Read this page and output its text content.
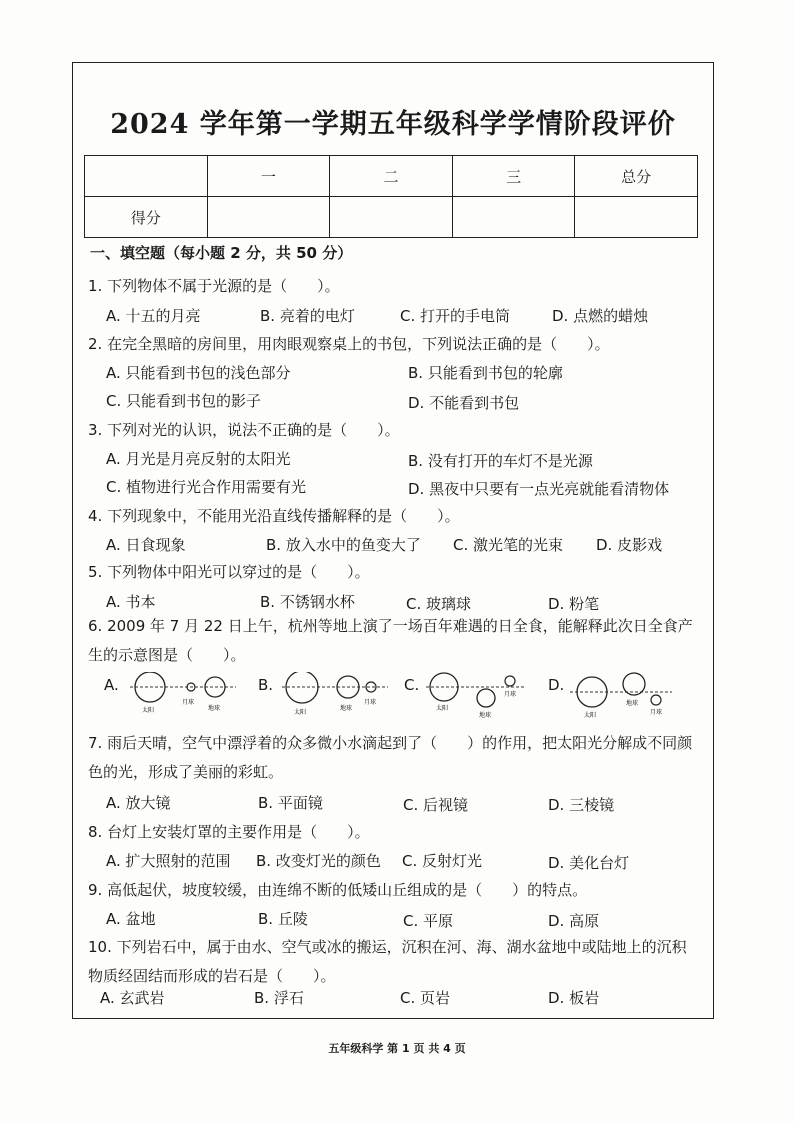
2024 学年第一学期五年级科学学情阶段评价
	一	二	三	总分
得分				
一、填空题（每小题 2 分，共 50 分）
1. 下列物体不属于光源的是（　　）。
A. 十五的月亮	B. 亮着的电灯	C. 打开的手电筒	D. 点燃的蜡烛
2. 在完全黑暗的房间里，用肉眼观察桌上的书包，下列说法正确的是（　　）。
A. 只能看到书包的浅色部分	B. 只能看到书包的轮廓
C. 只能看到书包的影子	D. 不能看到书包
3. 下列对光的认识，说法不正确的是（　　）。
A. 月光是月亮反射的太阳光	B. 没有打开的车灯不是光源
C. 植物进行光合作用需要有光	D. 黑夜中只要有一点光亮就能看清物体
4. 下列现象中，不能用光沿直线传播解释的是（　　）。
A. 日食现象	B. 放入水中的鱼变大了 C. 激光笔的光束 D. 皮影戏
5. 下列物体中阳光可以穿过的是（　　）。
A. 书本	B. 不锈钢水杯	C. 玻璃球	D. 粉笔
6. 2009 年 7 月 22 日上午，杭州等地上演了一场百年难遇的日全食，能解释此次日全食产生的示意图是（　　）。
A.
太阳
月球
地球
B.
太阳
地球
月球
C.
太阳
地球
月球
D.
太阳
地球
月球
7. 雨后天晴，空气中漂浮着的众多微小水滴起到了（　　）的作用，把太阳光分解成不同颜色的光，形成了美丽的彩虹。
A. 放大镜	B. 平面镜	C. 后视镜	D. 三棱镜
8. 台灯上安装灯罩的主要作用是（　　）。
A. 扩大照射的范围 B. 改变灯光的颜色 C. 反射灯光	D. 美化台灯
9. 高低起伏，坡度较缓，由连绵不断的低矮山丘组成的是（　　）的特点。
A. 盆地	B. 丘陵	C. 平原	D. 高原
10. 下列岩石中，属于由水、空气或冰的搬运，沉积在河、海、湖水盆地中或陆地上的沉积物质经固结而形成的岩石是（　　）。
A. 玄武岩	B. 浮石	C. 页岩	D. 板岩
五年级科学 第 1 页 共 4 页
